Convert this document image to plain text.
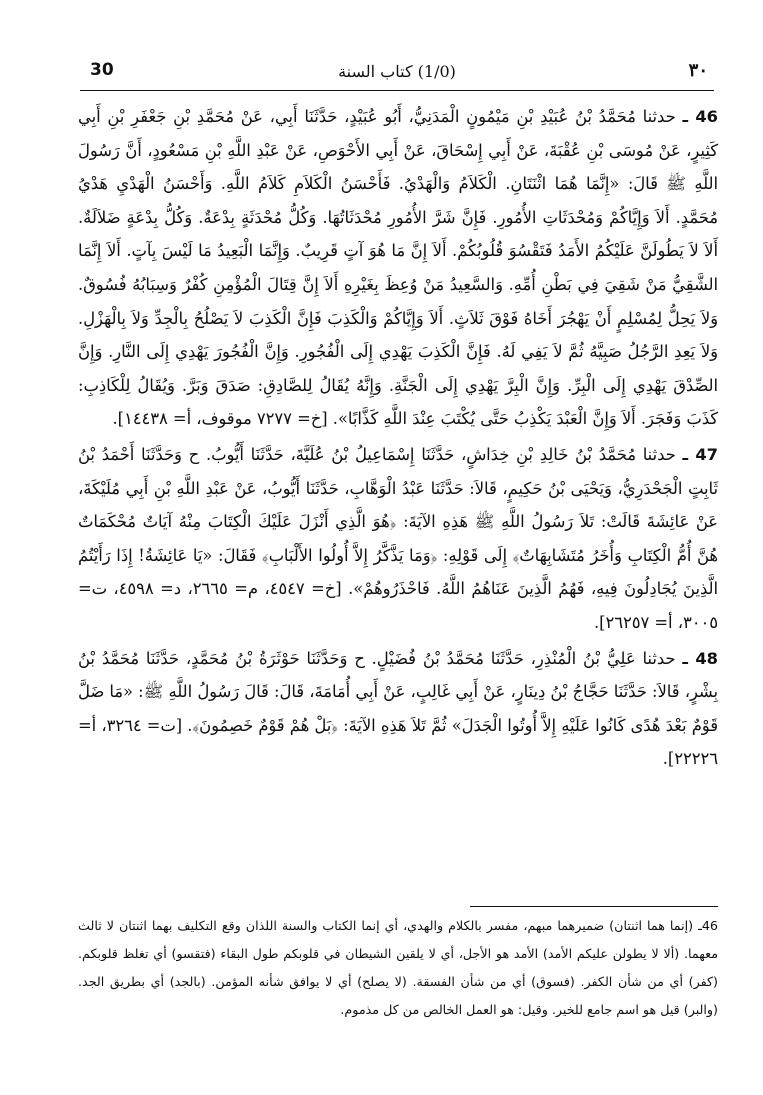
30	(1/0) كتاب السنة	٣٠

46 ـ حدثنا مُحَمَّدُ بْنُ عُبَيْدِ بْنِ مَيْمُونٍ الْمَدَنِيُّ، أَبُو عُبَيْدٍ، حَدَّثَنَا أَبِي، عَنْ مُحَمَّدِ بْنِ جَعْفَرِ بْنِ أَبِي كَثِيرٍ، عَنْ مُوسَى بْنِ عُقْبَةَ، عَنْ أَبِي إِسْحَاقَ، عَنْ أَبِي الأَحْوَصِ، عَنْ عَبْدِ اللَّهِ بْنِ مَسْعُودٍ، أَنَّ رَسُولَ اللَّهِ ﷺ قَالَ: «إِنَّمَا هُمَا اثْنَتَانِ. الْكَلاَمُ وَالْهَدْيُ. فَأَحْسَنُ الْكَلاَمِ كَلاَمُ اللَّهِ. وَأَحْسَنُ الْهَدْيِ هَدْيُ مُحَمَّدٍ. أَلاَ وَإِيَّاكُمْ وَمُحْدَثَاتِ الأُمُورِ. فَإِنَّ شَرَّ الأُمُورِ مُحْدَثَاتُهَا. وَكُلُّ مُحْدَثَةٍ بِدْعَةٌ. وَكُلُّ بِدْعَةٍ ضَلاَلَةٌ. أَلاَ لاَ يَطُولَنَّ عَلَيْكُمُ الأَمَدُ فَتَقْسُوَ قُلُوبُكُمْ. أَلاَ إِنَّ مَا هُوَ آتٍ قَرِيبٌ. وَإِنَّمَا الْبَعِيدُ مَا لَيْسَ بِآتٍ. أَلاَ إِنَّمَا الشَّقِيُّ مَنْ شَقِيَ فِي بَطْنِ أُمِّهِ. وَالسَّعِيدُ مَنْ وُعِظَ بِغَيْرِهِ أَلاَ إِنَّ قِتَالَ الْمُؤْمِنِ كُفْرٌ وَسِبَابُهُ فُسُوقٌ. وَلاَ يَحِلُّ لِمُسْلِمٍ أَنْ يَهْجُرَ أَخَاهُ فَوْقَ ثَلاَثٍ. أَلاَ وَإِيَّاكُمْ وَالْكَذِبَ فَإِنَّ الْكَذِبَ لاَ يَصْلُحُ بِالْجِدِّ وَلاَ بِالْهَزْلِ. وَلاَ يَعِدِ الرَّجُلُ صَبِيَّهُ ثُمَّ لاَ يَفِي لَهُ. فَإِنَّ الْكَذِبَ يَهْدِي إِلَى الْفُجُورِ. وَإِنَّ الْفُجُورَ يَهْدِي إِلَى النَّارِ. وَإِنَّ الصِّدْقَ يَهْدِي إِلَى الْبِرِّ. وَإِنَّ الْبِرَّ يَهْدِي إِلَى الْجَنَّةِ. وَإِنَّهُ يُقَالُ لِلصَّادِقِ: صَدَقَ وَبَرَّ. وَيُقَالُ لِلْكَاذِبِ: كَذَبَ وَفَجَرَ. أَلاَ وَإِنَّ الْعَبْدَ يَكْذِبُ حَتَّى يُكْتَبَ عِنْدَ اللَّهِ كَذَّابًا». [خ= ٧٢٧٧ موقوف، أ= ١٤٤٣٨].

47 ـ حدثنا مُحَمَّدُ بْنُ خَالِدِ بْنِ خِدَاشٍ، حَدَّثَنَا إِسْمَاعِيلُ بْنُ عُلَيَّةَ، حَدَّثَنَا أَيُّوبُ. ح وَحَدَّثَنَا أَحْمَدُ بْنُ ثَابِتٍ الْجَحْدَرِيُّ، وَيَحْيَى بْنُ حَكِيمٍ، قَالاَ: حَدَّثَنَا عَبْدُ الْوَهَّابِ، حَدَّثَنَا أَيُّوبُ، عَنْ عَبْدِ اللَّهِ بْنِ أَبِي مُلَيْكَةَ، عَنْ عَائِشَةَ قَالَتْ: تَلاَ رَسُولُ اللَّهِ ﷺ هَذِهِ الآيَةَ: ﴿هُوَ الَّذِي أَنْزَلَ عَلَيْكَ الْكِتَابَ مِنْهُ آيَاتٌ مُحْكَمَاتٌ هُنَّ أُمُّ الْكِتَابِ وَأُخَرُ مُتَشَابِهَاتٌ﴾ إِلَى قَوْلِهِ: ﴿وَمَا يَذَّكَّرُ إِلاَّ أُولُوا الأَلْبَابِ﴾ فَقَالَ: «يَا عَائِشَةُ! إِذَا رَأَيْتُمُ الَّذِينَ يُجَادِلُونَ فِيهِ، فَهُمُ الَّذِينَ عَنَاهُمُ اللَّهُ. فَاحْذَرُوهُمْ». [خ= ٤٥٤٧، م= ٢٦٦٥، د= ٤٥٩٨، ت= ٣٠٠٥، أ= ٢٦٢٥٧].

48 ـ حدثنا عَلِيُّ بْنُ الْمُنْذِرِ، حَدَّثَنَا مُحَمَّدُ بْنُ فُضَيْلٍ. ح وَحَدَّثَنَا حَوْثَرَةُ بْنُ مُحَمَّدٍ، حَدَّثَنَا مُحَمَّدُ بْنُ بِشْرٍ، قَالاَ: حَدَّثَنَا حَجَّاجُ بْنُ دِينَارٍ، عَنْ أَبِي غَالِبٍ، عَنْ أَبِي أُمَامَةَ، قَالَ: قَالَ رَسُولُ اللَّهِ ﷺ: «مَا ضَلَّ قَوْمٌ بَعْدَ هُدًى كَانُوا عَلَيْهِ إِلاَّ أُوتُوا الْجَدَلَ» ثُمَّ تَلاَ هَذِهِ الآيَةَ: ﴿بَلْ هُمْ قَوْمٌ خَصِمُونَ﴾. [ت= ٣٢٦٤، أ= ٢٢٢٢٦].

46ـ (إنما هما اثنتان) ضميرهما مبهم، مفسر بالكلام والهدي، أي إنما الكتاب والسنة اللذان وقع التكليف بهما اثنتان لا ثالث معهما. (ألا لا يطولن عليكم الأمد) الأمد هو الأجل، أي لا يلقين الشيطان في قلوبكم طول البقاء (فتقسو) أي تغلظ قلوبكم. (كفر) أي من شأن الكفر. (فسوق) أي من شأن الفسقة. (لا يصلح) أي لا يوافق شأنه المؤمن. (بالجد) أي بطريق الجد. (والبر) قيل هو اسم جامع للخير. وقيل: هو العمل الخالص من كل مذموم.
